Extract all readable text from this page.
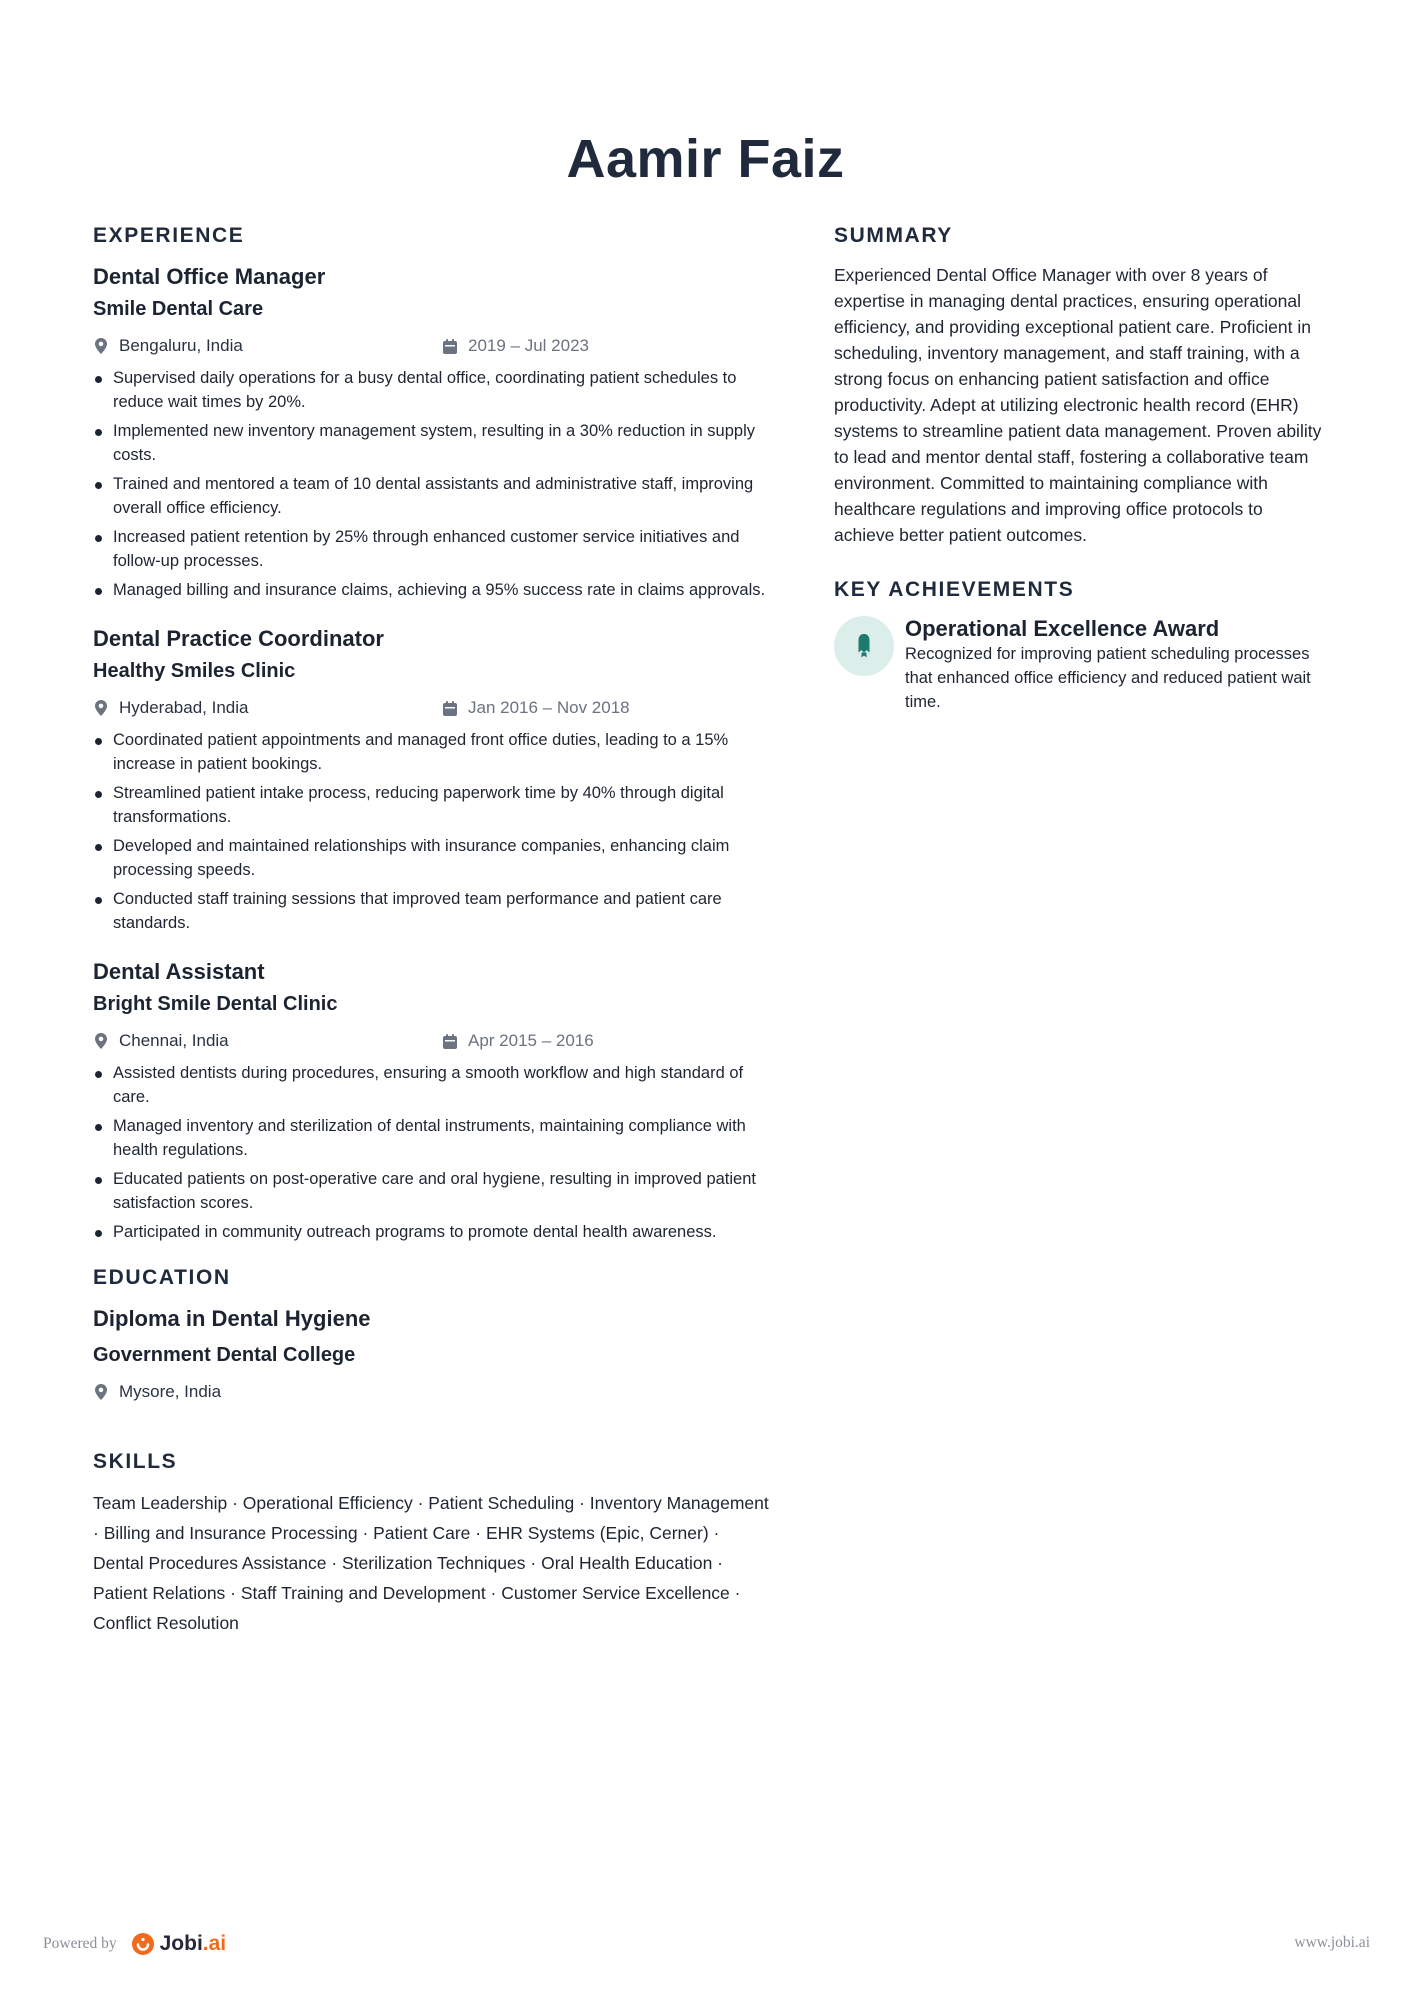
Aamir Faiz
EXPERIENCE
Dental Office Manager
Smile Dental Care
Bengaluru, India	2019 – Jul 2023
Supervised daily operations for a busy dental office, coordinating patient schedules to reduce wait times by 20%.
Implemented new inventory management system, resulting in a 30% reduction in supply costs.
Trained and mentored a team of 10 dental assistants and administrative staff, improving overall office efficiency.
Increased patient retention by 25% through enhanced customer service initiatives and follow-up processes.
Managed billing and insurance claims, achieving a 95% success rate in claims approvals.
Dental Practice Coordinator
Healthy Smiles Clinic
Hyderabad, India	Jan 2016 – Nov 2018
Coordinated patient appointments and managed front office duties, leading to a 15% increase in patient bookings.
Streamlined patient intake process, reducing paperwork time by 40% through digital transformations.
Developed and maintained relationships with insurance companies, enhancing claim processing speeds.
Conducted staff training sessions that improved team performance and patient care standards.
Dental Assistant
Bright Smile Dental Clinic
Chennai, India	Apr 2015 – 2016
Assisted dentists during procedures, ensuring a smooth workflow and high standard of care.
Managed inventory and sterilization of dental instruments, maintaining compliance with health regulations.
Educated patients on post-operative care and oral hygiene, resulting in improved patient satisfaction scores.
Participated in community outreach programs to promote dental health awareness.
EDUCATION
Diploma in Dental Hygiene
Government Dental College
Mysore, India
SKILLS
Team Leadership · Operational Efficiency · Patient Scheduling · Inventory Management · Billing and Insurance Processing · Patient Care · EHR Systems (Epic, Cerner) · Dental Procedures Assistance · Sterilization Techniques · Oral Health Education · Patient Relations · Staff Training and Development · Customer Service Excellence · Conflict Resolution
SUMMARY
Experienced Dental Office Manager with over 8 years of expertise in managing dental practices, ensuring operational efficiency, and providing exceptional patient care. Proficient in scheduling, inventory management, and staff training, with a strong focus on enhancing patient satisfaction and office productivity. Adept at utilizing electronic health record (EHR) systems to streamline patient data management. Proven ability to lead and mentor dental staff, fostering a collaborative team environment. Committed to maintaining compliance with healthcare regulations and improving office protocols to achieve better patient outcomes.
KEY ACHIEVEMENTS
Operational Excellence Award
Recognized for improving patient scheduling processes that enhanced office efficiency and reduced patient wait time.
Powered by Jobi.ai	www.jobi.ai
